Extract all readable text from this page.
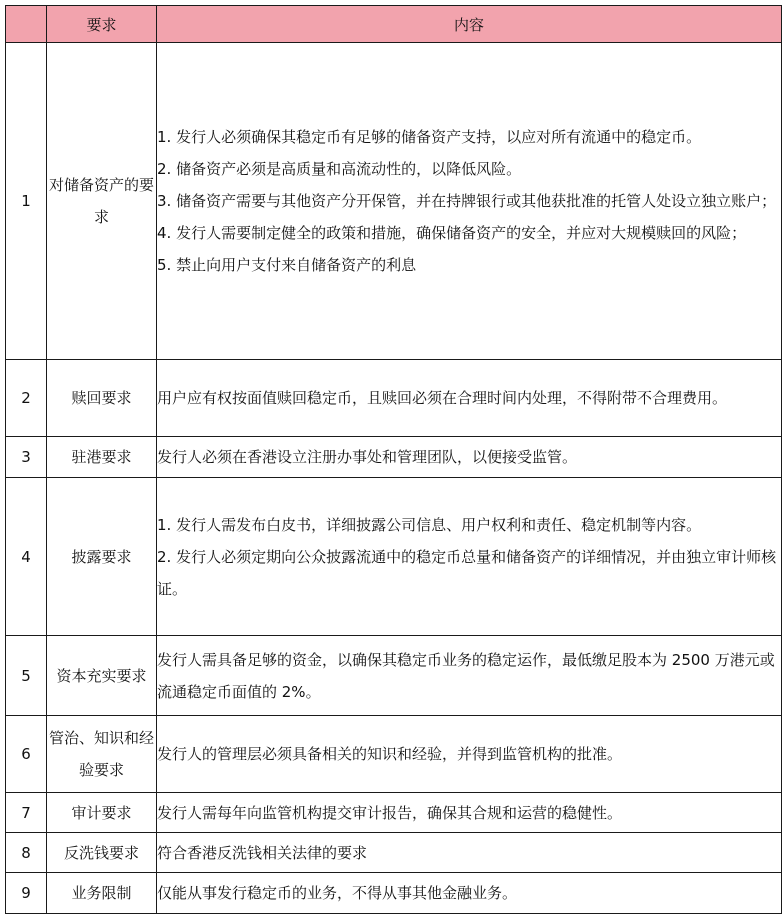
	要求	内容
1	对储备资产的要求	1. 发行人必须确保其稳定币有足够的储备资产支持，以应对所有流通中的稳定币。

2. 储备资产必须是高质量和高流动性的，以降低风险。

3. 储备资产需要与其他资产分开保管，并在持牌银行或其他获批准的托管人处设立独立账户；

4. 发行人需要制定健全的政策和措施，确保储备资产的安全，并应对大规模赎回的风险；

5. 禁止向用户支付来自储备资产的利息

2	赎回要求	用户应有权按面值赎回稳定币，且赎回必须在合理时间内处理，不得附带不合理费用。

3	驻港要求	发行人必须在香港设立注册办事处和管理团队，以便接受监管。

4	披露要求	1. 发行人需发布白皮书，详细披露公司信息、用户权利和责任、稳定机制等内容。

2. 发行人必须定期向公众披露流通中的稳定币总量和储备资产的详细情况，并由独立审计师核证。

5	资本充实要求	发行人需具备足够的资金，以确保其稳定币业务的稳定运作，最低缴足股本为 2500 万港元或流通稳定币面值的 2%。

6	管治、知识和经验要求	发行人的管理层必须具备相关的知识和经验，并得到监管机构的批准。

7	审计要求	发行人需每年向监管机构提交审计报告，确保其合规和运营的稳健性。

8	反洗钱要求	符合香港反洗钱相关法律的要求

9	业务限制	仅能从事发行稳定币的业务，不得从事其他金融业务。
